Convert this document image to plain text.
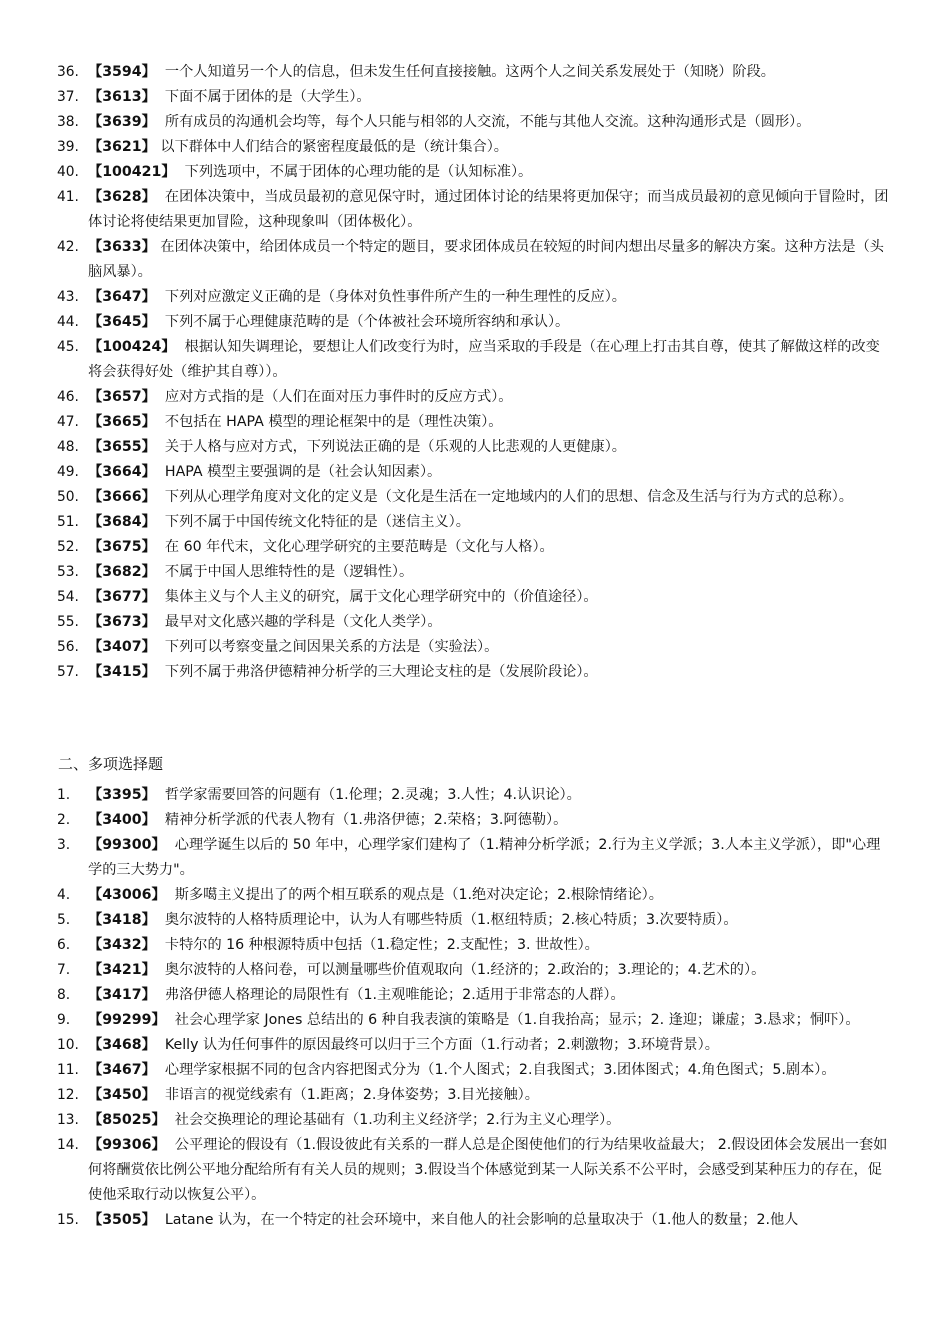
36. 【3594】  一个人知道另一个人的信息，但未发生任何直接接触。这两个人之间关系发展处于（知晓）阶段。

37. 【3613】  下面不属于团体的是（大学生）。

38. 【3639】  所有成员的沟通机会均等，每个人只能与相邻的人交流，不能与其他人交流。这种沟通形式是（圆形）。

39. 【3621】 以下群体中人们结合的紧密程度最低的是（统计集合）。

40. 【100421】  下列选项中，不属于团体的心理功能的是（认知标准）。

41. 【3628】  在团体决策中，当成员最初的意见保守时，通过团体讨论的结果将更加保守；而当成员最初的意见倾向于冒险时，团体讨论将使结果更加冒险，这种现象叫（团体极化）。

42. 【3633】 在团体决策中，给团体成员一个特定的题目，要求团体成员在较短的时间内想出尽量多的解决方案。这种方法是（头脑风暴）。

43. 【3647】  下列对应激定义正确的是（身体对负性事件所产生的一种生理性的反应）。

44. 【3645】  下列不属于心理健康范畴的是（个体被社会环境所容纳和承认）。

45. 【100424】  根据认知失调理论，要想让人们改变行为时，应当采取的手段是（在心理上打击其自尊，使其了解做这样的改变将会获得好处（维护其自尊））。

46. 【3657】  应对方式指的是（人们在面对压力事件时的反应方式）。

47. 【3665】  不包括在 HAPA 模型的理论框架中的是（理性决策）。

48. 【3655】  关于人格与应对方式，下列说法正确的是（乐观的人比悲观的人更健康）。

49. 【3664】  HAPA 模型主要强调的是（社会认知因素）。

50. 【3666】  下列从心理学角度对文化的定义是（文化是生活在一定地域内的人们的思想、信念及生活与行为方式的总称）。

51. 【3684】  下列不属于中国传统文化特征的是（迷信主义）。

52. 【3675】  在 60 年代末，文化心理学研究的主要范畴是（文化与人格）。

53. 【3682】  不属于中国人思维特性的是（逻辑性）。

54. 【3677】  集体主义与个人主义的研究，属于文化心理学研究中的（价值途径）。

55. 【3673】  最早对文化感兴趣的学科是（文化人类学）。

56. 【3407】  下列可以考察变量之间因果关系的方法是（实验法）。

57. 【3415】  下列不属于弗洛伊德精神分析学的三大理论支柱的是（发展阶段论）。

二、多项选择题

1. 【3395】  哲学家需要回答的问题有（1.伦理；2.灵魂；3.人性；4.认识论）。

2. 【3400】  精神分析学派的代表人物有（1.弗洛伊德；2.荣格；3.阿德勒）。

3. 【99300】  心理学诞生以后的 50 年中，心理学家们建构了（1.精神分析学派；2.行为主义学派；3.人本主义学派），即"心理学的三大势力"。

4. 【43006】  斯多噶主义提出了的两个相互联系的观点是（1.绝对决定论；2.根除情绪论）。

5. 【3418】  奥尔波特的人格特质理论中，认为人有哪些特质（1.枢纽特质；2.核心特质；3.次要特质）。

6. 【3432】  卡特尔的 16 种根源特质中包括（1.稳定性；2.支配性；3. 世故性）。

7. 【3421】  奥尔波特的人格问卷，可以测量哪些价值观取向（1.经济的；2.政治的；3.理论的；4.艺术的）。

8. 【3417】  弗洛伊德人格理论的局限性有（1.主观唯能论；2.适用于非常态的人群）。

9. 【99299】  社会心理学家 Jones 总结出的 6 种自我表演的策略是（1.自我抬高；显示；2. 逢迎；谦虚；3.恳求；恫吓）。

10. 【3468】  Kelly 认为任何事件的原因最终可以归于三个方面（1.行动者；2.刺激物；3.环境背景）。

11. 【3467】  心理学家根据不同的包含内容把图式分为（1.个人图式；2.自我图式；3.团体图式；4.角色图式；5.剧本）。

12. 【3450】  非语言的视觉线索有（1.距离；2.身体姿势；3.目光接触）。

13. 【85025】  社会交换理论的理论基础有（1.功利主义经济学；2.行为主义心理学）。

14. 【99306】  公平理论的假设有（1.假设彼此有关系的一群人总是企图使他们的行为结果收益最大； 2.假设团体会发展出一套如何将酬赏依比例公平地分配给所有有关人员的规则；3.假设当个体感觉到某一人际关系不公平时，会感受到某种压力的存在，促使他采取行动以恢复公平）。

15. 【3505】  Latane 认为，在一个特定的社会环境中，来自他人的社会影响的总量取决于（1.他人的数量；2.他人
